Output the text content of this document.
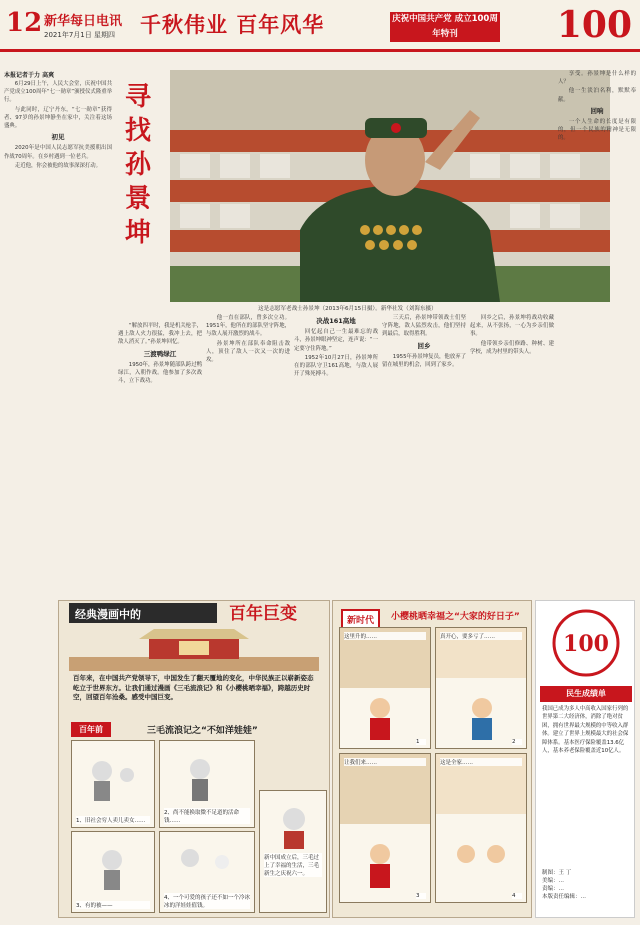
12 新华每日电讯
2021年7月1日 星期四 千秋伟业 百年风华	庆祝中国共产党 成立100周年特刊	100
本报记者于力 高爽

6月29日上午，人民大会堂，庆祝中国共产党成立100周年“七一勋章”颁授仪式隆重举行。

与此同时，辽宁丹东，“七一勋章”获得者、97岁的孙景坤静坐在家中，关注着这场盛典。

初见

2020年是中国人民志愿军抗美援朝出国作战70周年。在乡村遇到一位老兵。

走近他，你会被他的故事深深打动。

寻找孙景坤
这是志愿军老战士孙景坤（2013年6月15日摄）。新华社发（刘海东摄）

“解放四平时，我是机关枪手，遇上敌人火力很猛，我冲上去，把敌人消灭了。”孙景坤回忆。

三渡鸭绿江

1950年，孙景坤随部队跨过鸭绿江，入朝作战。他参加了多次战斗，立下战功。

他一直在部队，曾多次立功。1951年，他所在的部队坚守阵地，与敌人展开激烈的战斗。

孙景坤所在部队奉命阻击敌人，顶住了敌人一次又一次的进攻。

决战161高地

回忆起自己一生最难忘的战斗，孙景坤眼神坚定，连声说：“一定要守住阵地。”

1952年10月27日，孙景坤所在的部队守卫161高地，与敌人展开了殊死搏斗。

三天后，孙景坤带领战士们坚守阵地，敌人猛烈攻击，他们坚持到最后，取得胜利。

回乡

1955年孙景坤复员，他放弃了留在城里的机会，回到了家乡。

回乡之后，孙景坤将战功收藏起来，从不张扬，一心为乡亲们做事。

他带领乡亲们修路、种树、建学校，成为村里的带头人。

享受。孙景坤是什么样的人？

他一生淡泊名利，默默奉献。

回响

一个人生命的长度是有限的，但一个民族的精神是无限的。

经典漫画中的	百年巨变
百年来，在中国共产党领导下，中国发生了翻天覆地的变化，中华民族正以崭新姿态屹立于世界东方。让我们通过漫画《三毛流浪记》和《小樱桃晒幸福》，跨越历史时空，回望百年沧桑。感受中国巨变。
百年前	三毛流浪记之“不如洋娃娃”
1、旧社会穷人卖儿卖女……
2、尚不能换取微不足道的活命钱……
3、有的被——
4、一个可爱的孩子还不如一个冷冰冰的洋娃娃值钱。
新中国成立后，三毛过上了幸福的生活，三毛新生之庆祝六一。
新时代	小樱桃晒幸福之“大家的好日子”
这里升的……
1
真开心，要多亏了……
2
让我们来……
3
这是全家……
4
100
民生成绩单
我国已成为多人中高收入国家行列的世界第二大经济体，消除了绝对贫困，拥有世界最大规模的中等收入群体。建立了世界上规模最大的社会保障体系。基本医疗保险覆盖13.6亿人，基本养老保险覆盖近10亿人。
制图：王 丁
美编：…
责编：…
本版责任编辑：…
